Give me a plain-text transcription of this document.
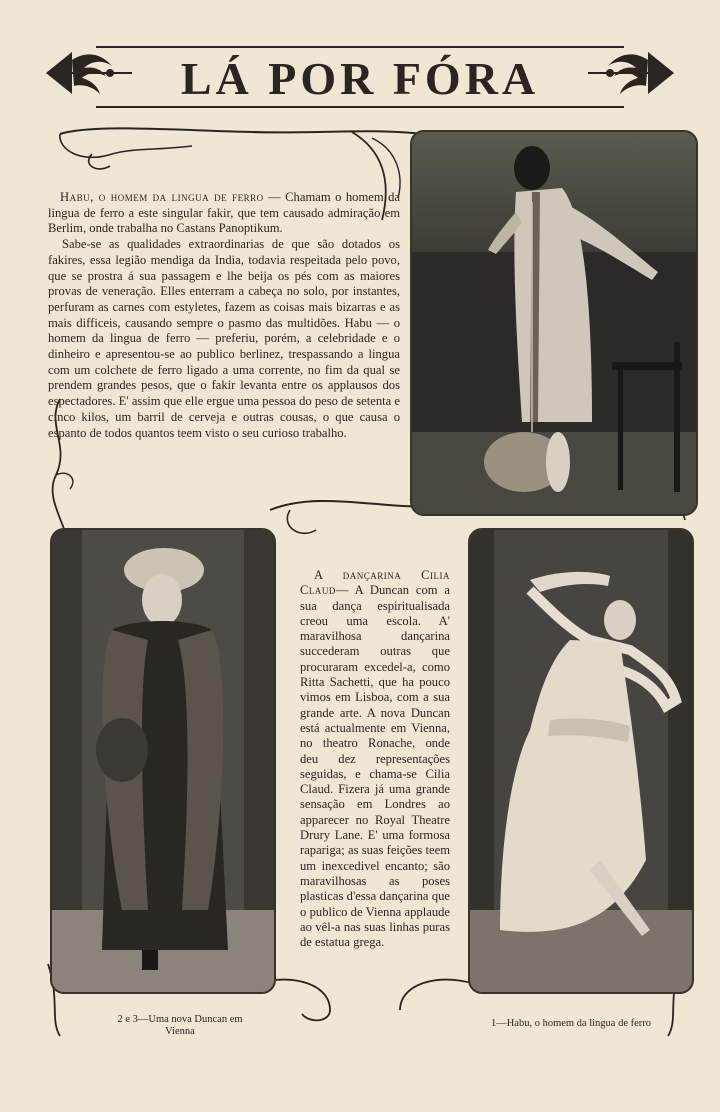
LÁ POR FÓRA

Habu, o homem da lingua de ferro — Chamam o homem da lingua de ferro a este singular fakir, que tem causado admiração em Berlim, onde trabalha no Castans Panoptikum.

Sabe-se as qualidades extraordinarias de que são dotados os fakires, essa legião mendiga da India, todavia respeitada pelo povo, que se prostra á sua passagem e lhe beija os pés com as maiores provas de veneração. Elles enterram a cabeça no solo, por instantes, perfuram as carnes com estyletes, fazem as coisas mais bizarras e as mais difficeis, causando sempre o pasmo das multidões. Habu — o homem da lingua de ferro — preferiu, porém, a celebridade e o dinheiro e apresentou-se ao publico berlinez, trespassando a lingua com um colchete de ferro ligado a uma corrente, no fim da qual se prendem grandes pesos, que o fakir levanta entre os applausos dos espectadores. E' assim que elle ergue uma pessoa do peso de setenta e cinco kilos, um barril de cerveja e outras cousas, o que causa o espanto de todos quantos teem visto o seu curioso trabalho.

A dançarina Cilia Claud— A Duncan com a sua dança espiritualisada creou uma escola. A' maravilhosa dançarina succederam outras que procuraram excedel-a, como Ritta Sachetti, que ha pouco vimos em Lisboa, com a sua grande arte. A nova Duncan está actualmente em Vienna, no theatro Ronache, onde deu dez representações seguidas, e chama-se Cilia Claud. Fizera já uma grande sensação em Londres ao apparecer no Royal Theatre Drury Lane. E' uma formosa rapariga; as suas feições teem um inexcedivel encanto; são maravilhosas as poses plasticas d'essa dançarina que o publico de Vienna applaude ao vêl-a nas suas linhas puras de estatua grega.

2 e 3—Uma nova Duncan em Vienna
1—Habu, o homem da lingua de ferro
